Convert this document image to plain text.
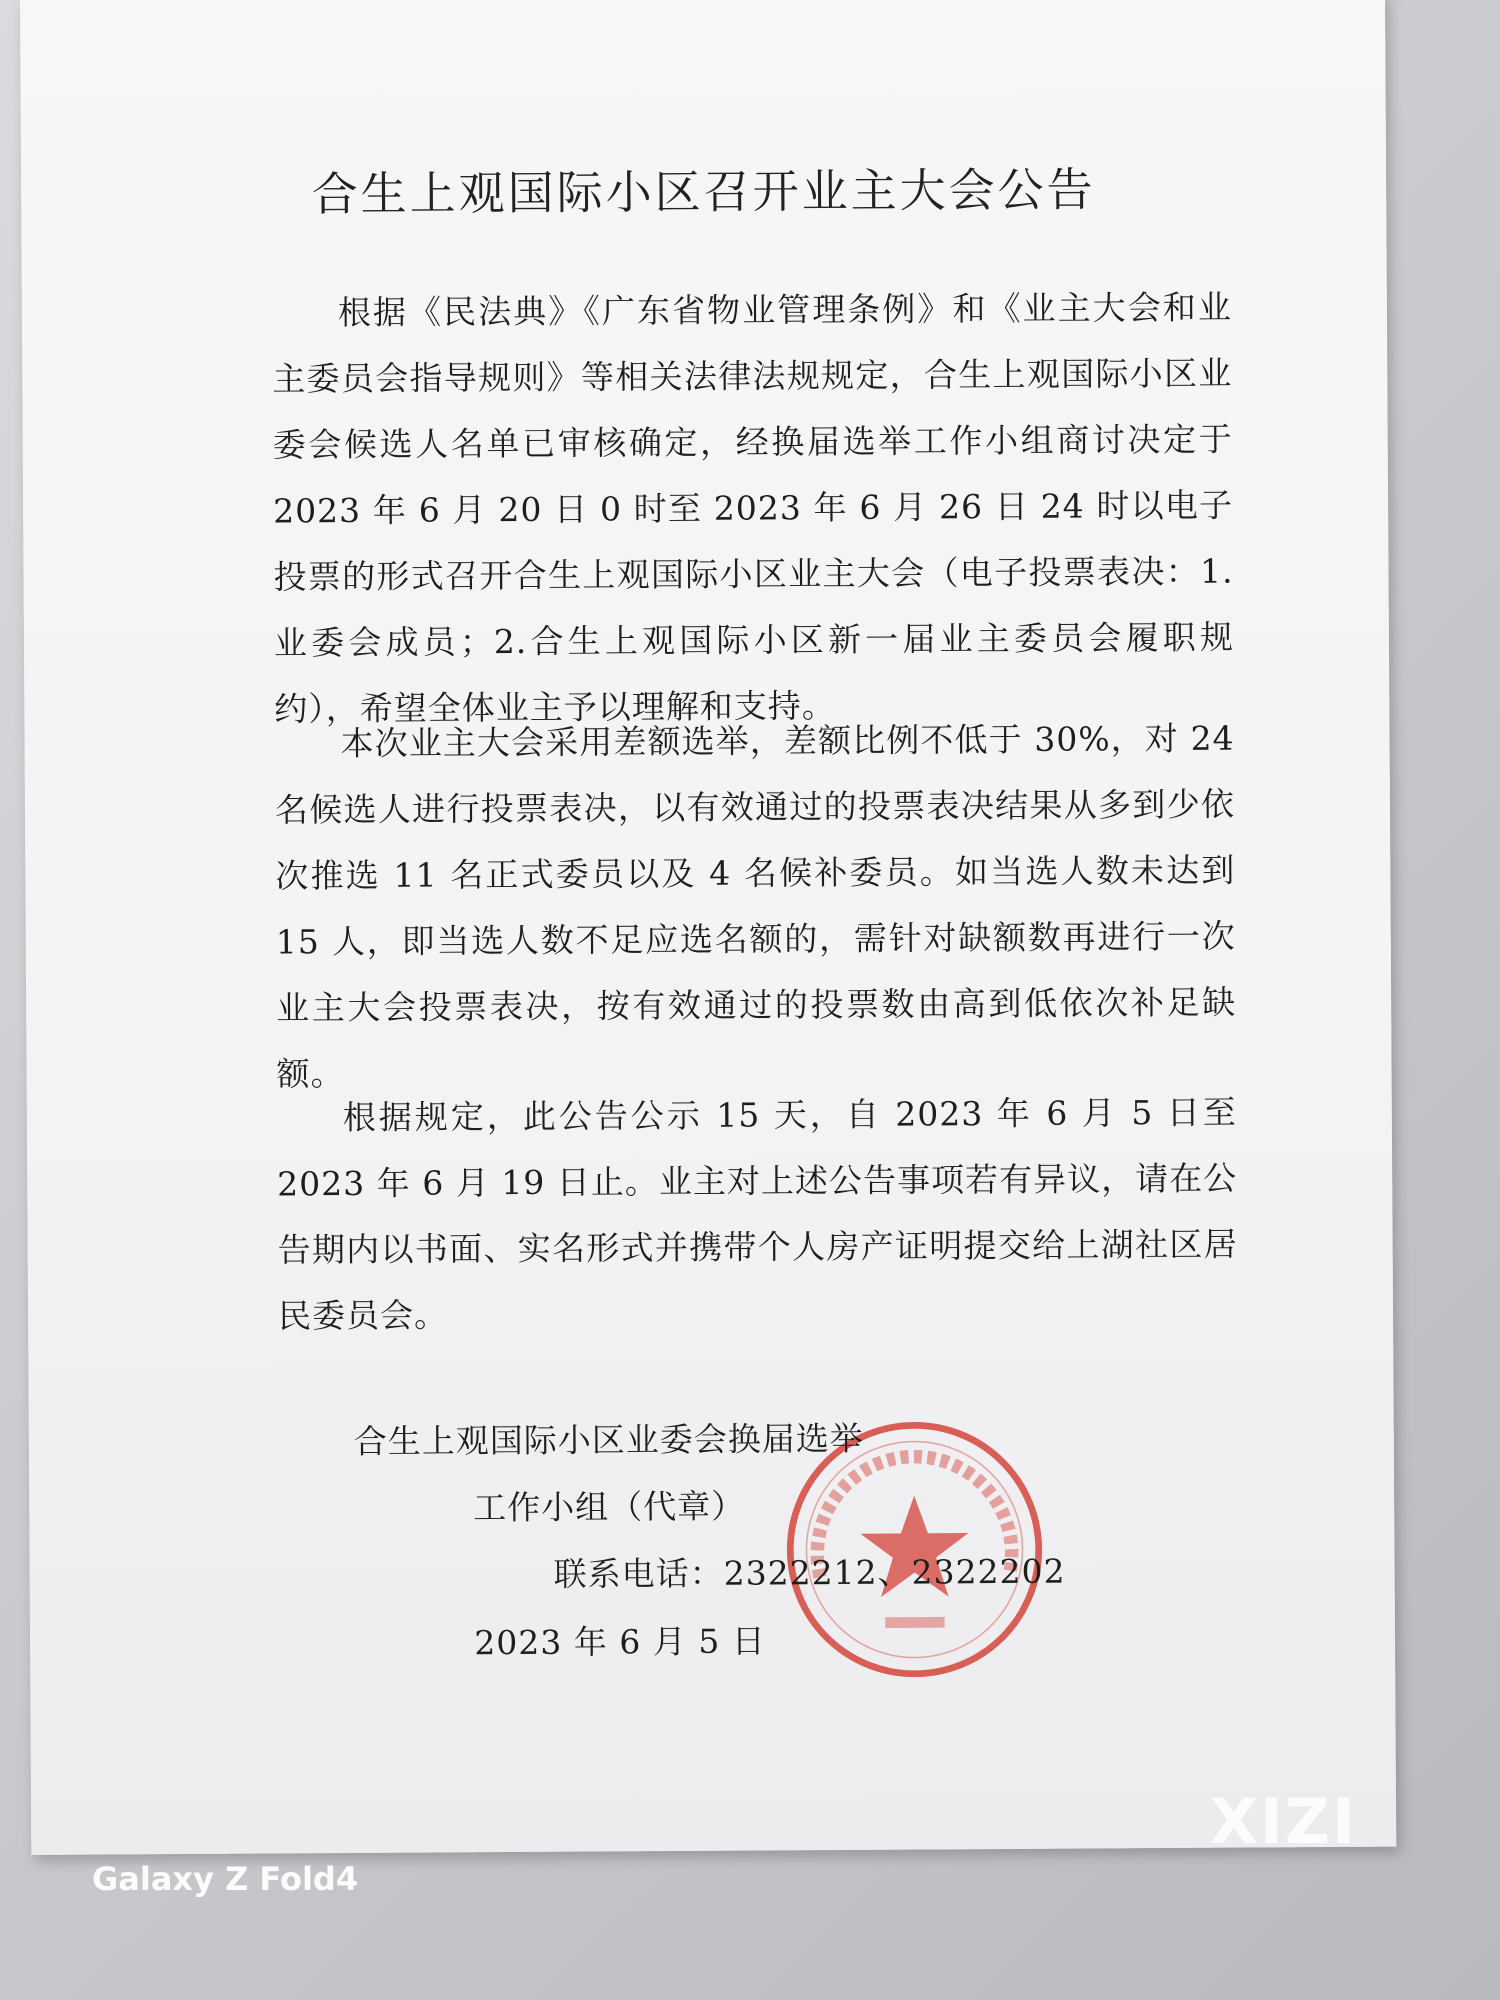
合生上观国际小区召开业主大会公告

根据《民法典》《广东省物业管理条例》和《业主大会和业主委员会指导规则》等相关法律法规规定，合生上观国际小区业委会候选人名单已审核确定，经换届选举工作小组商讨决定于 2023 年 6 月 20 日 0 时至 2023 年 6 月 26 日 24 时以电子投票的形式召开合生上观国际小区业主大会（电子投票表决：1.业委会成员；2.合生上观国际小区新一届业主委员会履职规约），希望全体业主予以理解和支持。

本次业主大会采用差额选举，差额比例不低于 30%，对 24 名候选人进行投票表决，以有效通过的投票表决结果从多到少依次推选 11 名正式委员以及 4 名候补委员。如当选人数未达到 15 人，即当选人数不足应选名额的，需针对缺额数再进行一次业主大会投票表决，按有效通过的投票数由高到低依次补足缺额。

根据规定，此公告公示 15 天，自 2023 年 6 月 5 日至 2023 年 6 月 19 日止。业主对上述公告事项若有异议，请在公告期内以书面、实名形式并携带个人房产证明提交给上湖社区居民委员会。

合生上观国际小区业委会换届选举
工作小组（代章）
联系电话：2322212、2322202
2023 年 6 月 5 日
XIZI
Galaxy Z Fold4
